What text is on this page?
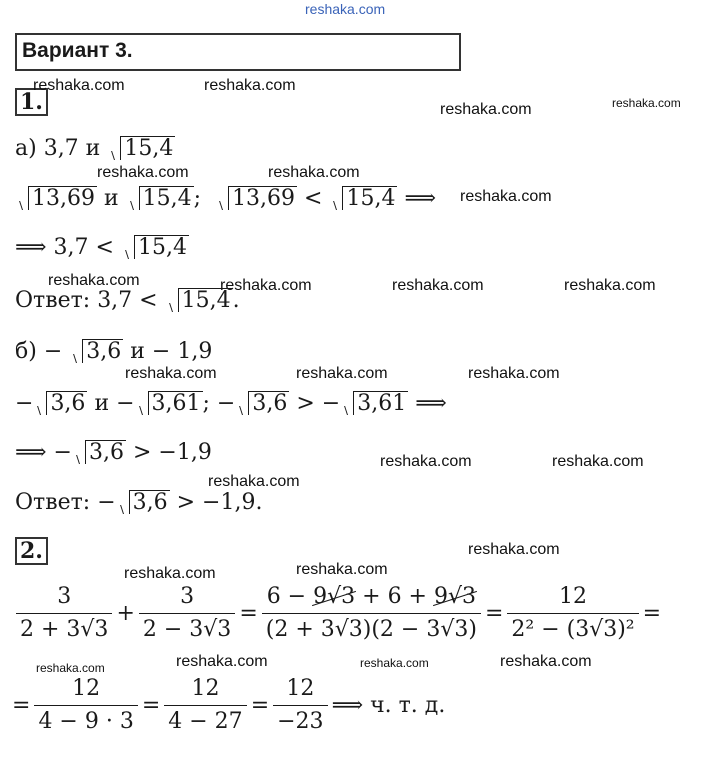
reshaka.com
Вариант 3.
1.
reshaka.com	reshaka.com
reshaka.com	reshaka.com
reshaka.com	reshaka.com
reshaka.com
reshaka.com	reshaka.com	reshaka.com	reshaka.com
reshaka.com	reshaka.com	reshaka.com
reshaka.com	reshaka.com
reshaka.com
reshaka.com
reshaka.com	reshaka.com
reshaka.com	reshaka.com	reshaka.com	reshaka.com
а) 3,7 и 15,4
13,69 и 15,4; 13,69 < 15,4 ⟹
⟹ 3,7 < 15,4
Ответ: 3,7 < 15,4.
б) − 3,6 и − 1,9
− 3,6 и − 3,61; − 3,6 > − 3,61 ⟹
⟹ − 3,6 > −1,9
Ответ: − 3,6 > −1,9.
2.
$\frac{3}{2 + 3√3} + \frac{3}{2 - 3√3} = \frac{6 - 9√3 + 6 + 9√3}{(2 + 3√3)(2 - 3√3)} = \frac{12}{\text{2² − (3√3)²}}$ =
= $\frac{12}{4 - 9 \cdot 3} = \frac{12}{4 - 27} = \frac{12}{-23}$ ⟹ ч. т. д.
